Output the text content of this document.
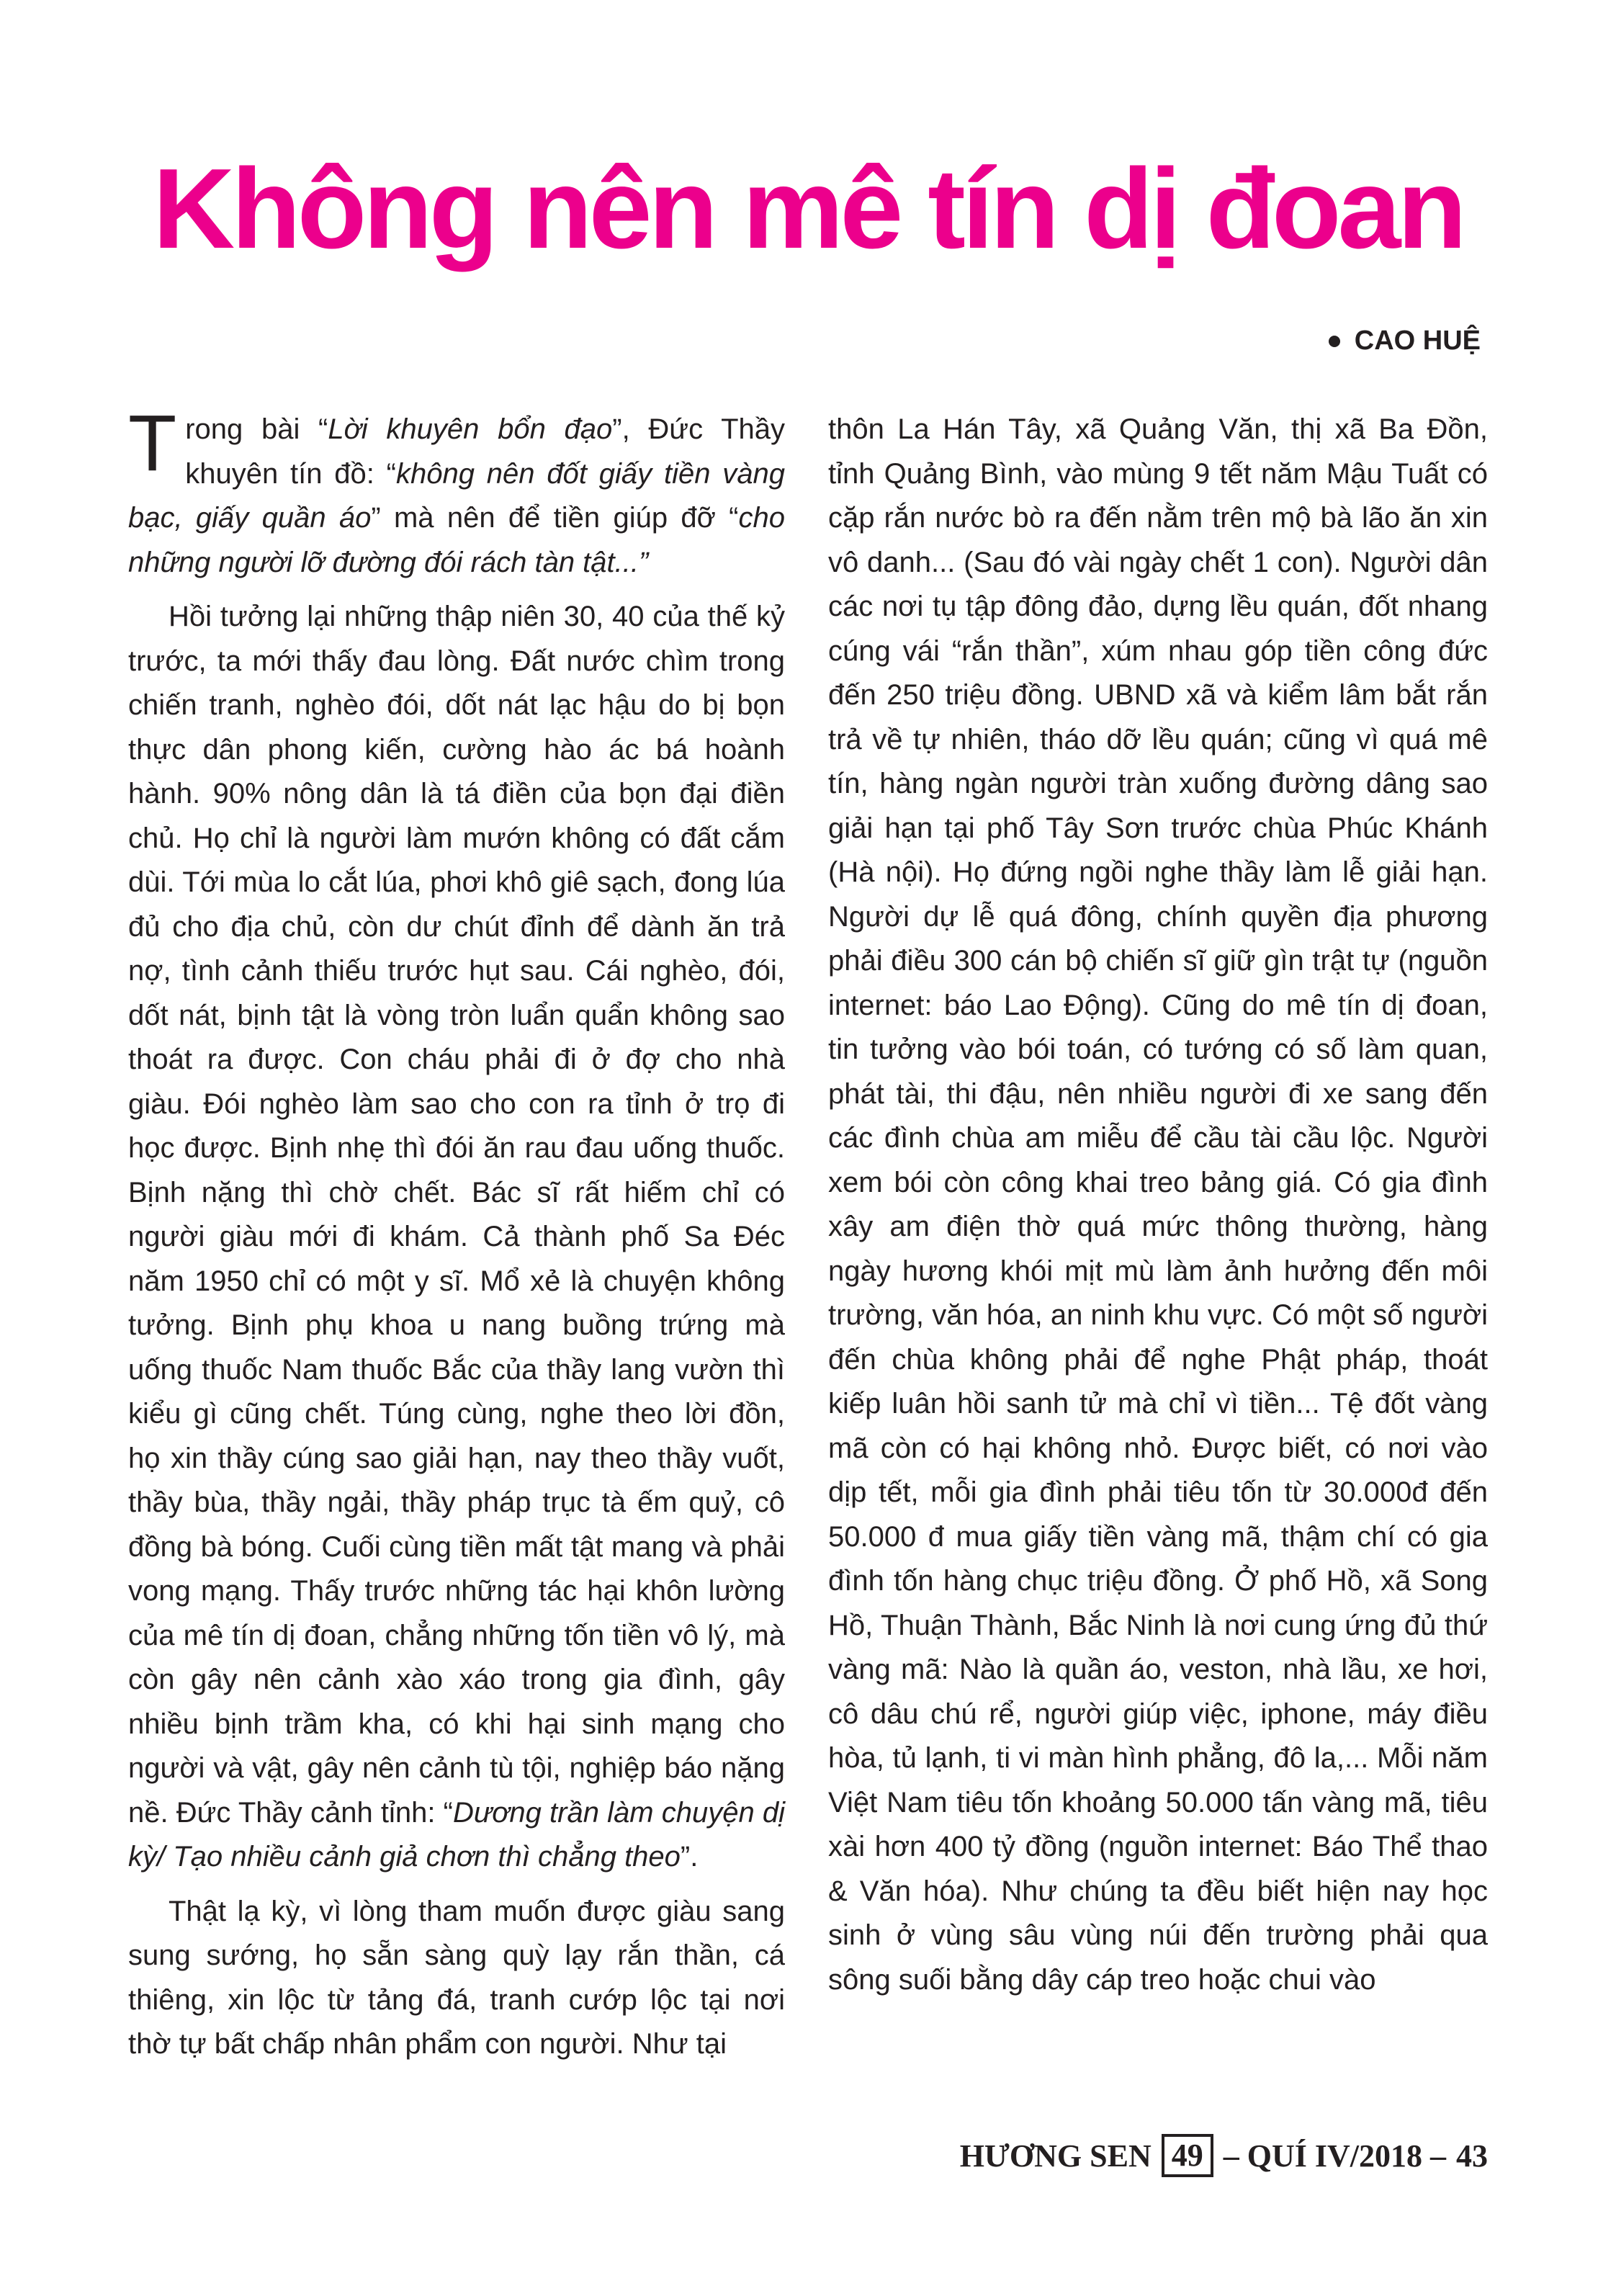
Không nên mê tín dị đoan
CAO HUỆ

Trong bài “Lời khuyên bổn đạo”, Đức Thầy khuyên tín đồ: “không nên đốt giấy tiền vàng bạc, giấy quần áo” mà nên để tiền giúp đỡ “cho những người lỡ đường đói rách tàn tật...”

Hồi tưởng lại những thập niên 30, 40 của thế kỷ trước, ta mới thấy đau lòng. Đất nước chìm trong chiến tranh, nghèo đói, dốt nát lạc hậu do bị bọn thực dân phong kiến, cường hào ác bá hoành hành. 90% nông dân là tá điền của bọn đại điền chủ. Họ chỉ là người làm mướn không có đất cắm dùi. Tới mùa lo cắt lúa, phơi khô giê sạch, đong lúa đủ cho địa chủ, còn dư chút đỉnh để dành ăn trả nợ, tình cảnh thiếu trước hụt sau. Cái nghèo, đói, dốt nát, bịnh tật là vòng tròn luẩn quẩn không sao thoát ra được. Con cháu phải đi ở đợ cho nhà giàu. Đói nghèo làm sao cho con ra tỉnh ở trọ đi học được. Bịnh nhẹ thì đói ăn rau đau uống thuốc. Bịnh nặng thì chờ chết. Bác sĩ rất hiếm chỉ có người giàu mới đi khám. Cả thành phố Sa Đéc năm 1950 chỉ có một y sĩ. Mổ xẻ là chuyện không tưởng. Bịnh phụ khoa u nang buồng trứng mà uống thuốc Nam thuốc Bắc của thầy lang vườn thì kiểu gì cũng chết. Túng cùng, nghe theo lời đồn, họ xin thầy cúng sao giải hạn, nay theo thầy vuốt, thầy bùa, thầy ngải, thầy pháp trục tà ếm quỷ, cô đồng bà bóng. Cuối cùng tiền mất tật mang và phải vong mạng. Thấy trước những tác hại khôn lường của mê tín dị đoan, chẳng những tốn tiền vô lý, mà còn gây nên cảnh xào xáo trong gia đình, gây nhiều bịnh trầm kha, có khi hại sinh mạng cho người và vật, gây nên cảnh tù tội, nghiệp báo nặng nề. Đức Thầy cảnh tỉnh: “Dương trần làm chuyện dị kỳ/ Tạo nhiều cảnh giả chơn thì chẳng theo”.

Thật lạ kỳ, vì lòng tham muốn được giàu sang sung sướng, họ sẵn sàng quỳ lạy rắn thần, cá thiêng, xin lộc từ tảng đá, tranh cướp lộc tại nơi thờ tự bất chấp nhân phẩm con người. Như tại

thôn La Hán Tây, xã Quảng Văn, thị xã Ba Đồn, tỉnh Quảng Bình, vào mùng 9 tết năm Mậu Tuất có cặp rắn nước bò ra đến nằm trên mộ bà lão ăn xin vô danh... (Sau đó vài ngày chết 1 con). Người dân các nơi tụ tập đông đảo, dựng lều quán, đốt nhang cúng vái “rắn thần”, xúm nhau góp tiền công đức đến 250 triệu đồng. UBND xã và kiểm lâm bắt rắn trả về tự nhiên, tháo dỡ lều quán; cũng vì quá mê tín, hàng ngàn người tràn xuống đường dâng sao giải hạn tại phố Tây Sơn trước chùa Phúc Khánh (Hà nội). Họ đứng ngồi nghe thầy làm lễ giải hạn. Người dự lễ quá đông, chính quyền địa phương phải điều 300 cán bộ chiến sĩ giữ gìn trật tự (nguồn internet: báo Lao Động). Cũng do mê tín dị đoan, tin tưởng vào bói toán, có tướng có số làm quan, phát tài, thi đậu, nên nhiều người đi xe sang đến các đình chùa am miễu để cầu tài cầu lộc. Người xem bói còn công khai treo bảng giá. Có gia đình xây am điện thờ quá mức thông thường, hàng ngày hương khói mịt mù làm ảnh hưởng đến môi trường, văn hóa, an ninh khu vực. Có một số người đến chùa không phải để nghe Phật pháp, thoát kiếp luân hồi sanh tử mà chỉ vì tiền... Tệ đốt vàng mã còn có hại không nhỏ. Được biết, có nơi vào dịp tết, mỗi gia đình phải tiêu tốn từ 30.000đ đến 50.000 đ mua giấy tiền vàng mã, thậm chí có gia đình tốn hàng chục triệu đồng. Ở phố Hồ, xã Song Hồ, Thuận Thành, Bắc Ninh là nơi cung ứng đủ thứ vàng mã: Nào là quần áo, veston, nhà lầu, xe hơi, cô dâu chú rể, người giúp việc, iphone, máy điều hòa, tủ lạnh, ti vi màn hình phẳng, đô la,... Mỗi năm Việt Nam tiêu tốn khoảng 50.000 tấn vàng mã, tiêu xài hơn 400 tỷ đồng (nguồn internet: Báo Thể thao & Văn hóa). Như chúng ta đều biết hiện nay học sinh ở vùng sâu vùng núi đến trường phải qua sông suối bằng dây cáp treo hoặc chui vào

HƯƠNG SEN 49 – QUÍ IV/2018 – 43
